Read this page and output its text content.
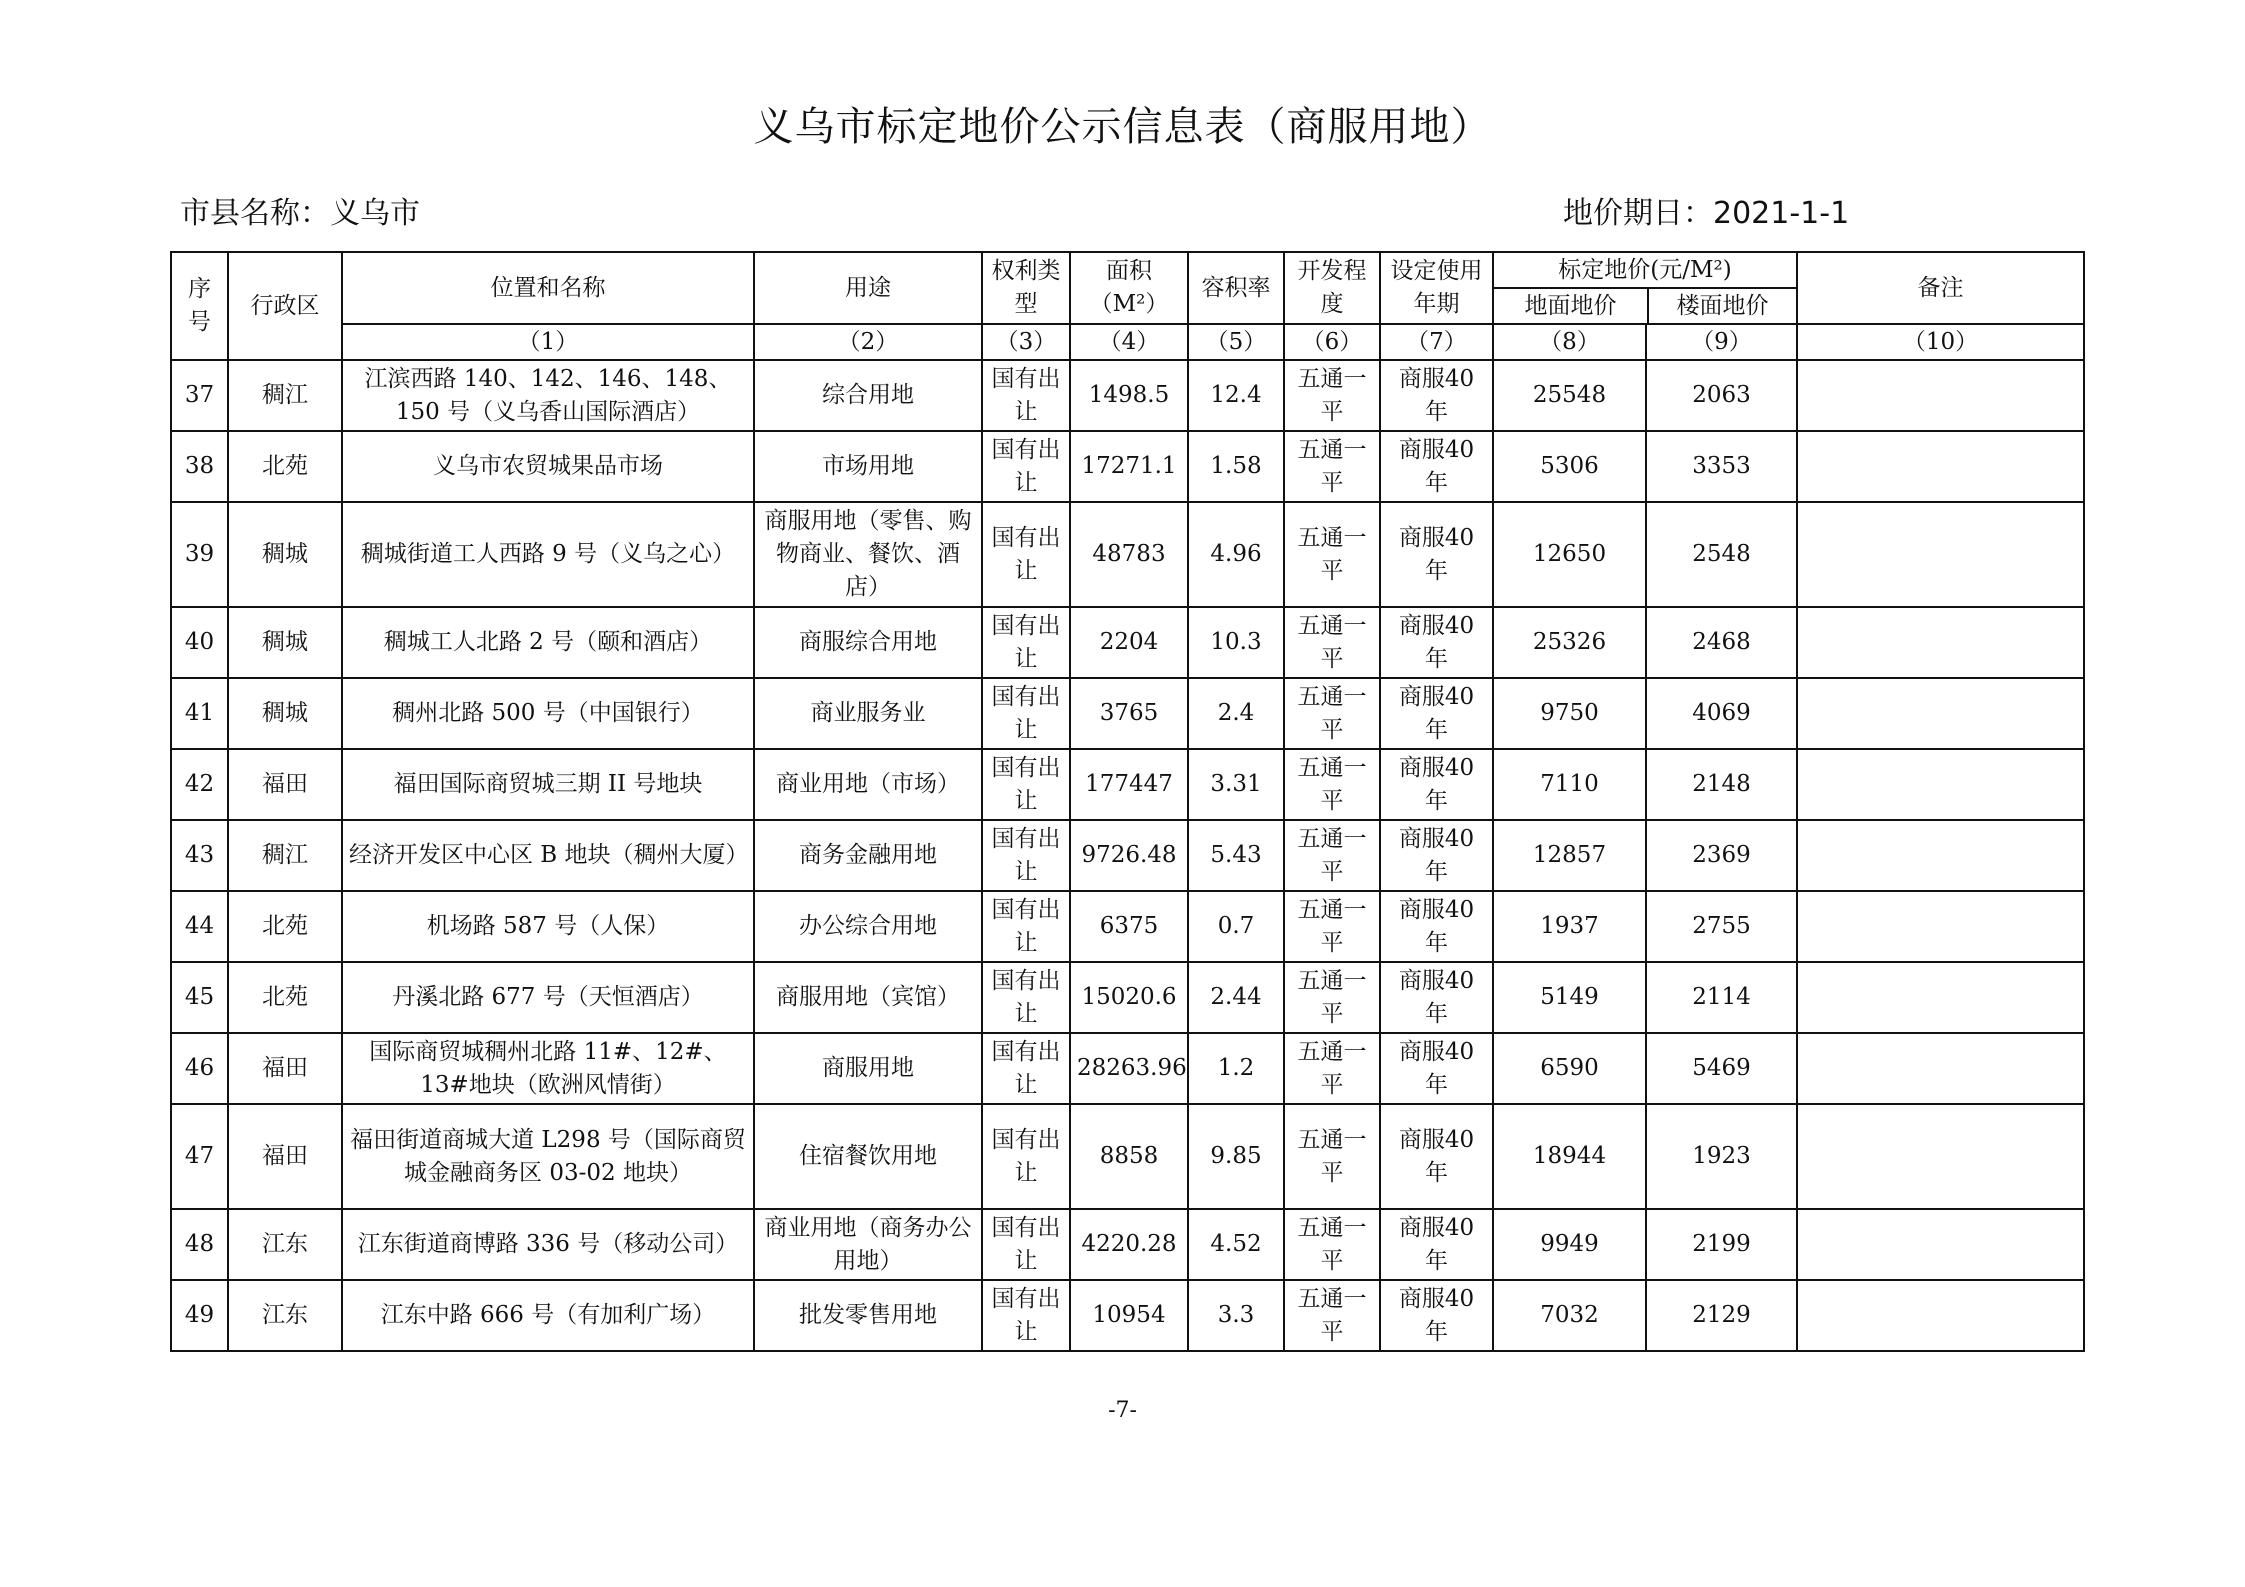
义乌市标定地价公示信息表（商服用地）
市县名称：义乌市	地价期日：2021-1-1
序号	行政区	位置和名称	用途	权利类型	面积（M²）	容积率	开发程度	设定使用年期	标定地价(元/M²)
地面地价 楼面地价		备注
		（1）	（2）	（3）	（4）	（5）	（6）	（7）	（8）	（9）	（10）
37	稠江	江滨西路 140、142、146、148、150 号（义乌香山国际酒店）	综合用地	国有出让	1498.5	12.4	五通一平	商服40 年	25548	2063	
38	北苑	义乌市农贸城果品市场	市场用地	国有出让	17271.1	1.58	五通一平	商服40 年	5306	3353	
39	稠城	稠城街道工人西路 9 号（义乌之心）	商服用地（零售、购物商业、餐饮、酒店）	国有出让	48783	4.96	五通一平	商服40 年	12650	2548	
40	稠城	稠城工人北路 2 号（颐和酒店）	商服综合用地	国有出让	2204	10.3	五通一平	商服40 年	25326	2468	
41	稠城	稠州北路 500 号（中国银行）	商业服务业	国有出让	3765	2.4	五通一平	商服40 年	9750	4069	
42	福田	福田国际商贸城三期 II 号地块	商业用地（市场）	国有出让	177447	3.31	五通一平	商服40 年	7110	2148	
43	稠江	经济开发区中心区 B 地块（稠州大厦）	商务金融用地	国有出让	9726.48	5.43	五通一平	商服40 年	12857	2369	
44	北苑	机场路 587 号（人保）	办公综合用地	国有出让	6375	0.7	五通一平	商服40 年	1937	2755	
45	北苑	丹溪北路 677 号（天恒酒店）	商服用地（宾馆）	国有出让	15020.6	2.44	五通一平	商服40 年	5149	2114	
46	福田	国际商贸城稠州北路 11#、12#、13#地块（欧洲风情街）	商服用地	国有出让	28263.96	1.2	五通一平	商服40 年	6590	5469	
47	福田	福田街道商城大道 L298 号（国际商贸城金融商务区 03-02 地块）	住宿餐饮用地	国有出让	8858	9.85	五通一平	商服40 年	18944	1923	
48	江东	江东街道商博路 336 号（移动公司）	商业用地（商务办公用地）	国有出让	4220.28	4.52	五通一平	商服40 年	9949	2199	
49	江东	江东中路 666 号（有加利广场）	批发零售用地	国有出让	10954	3.3	五通一平	商服40 年	7032	2129	
-7-
